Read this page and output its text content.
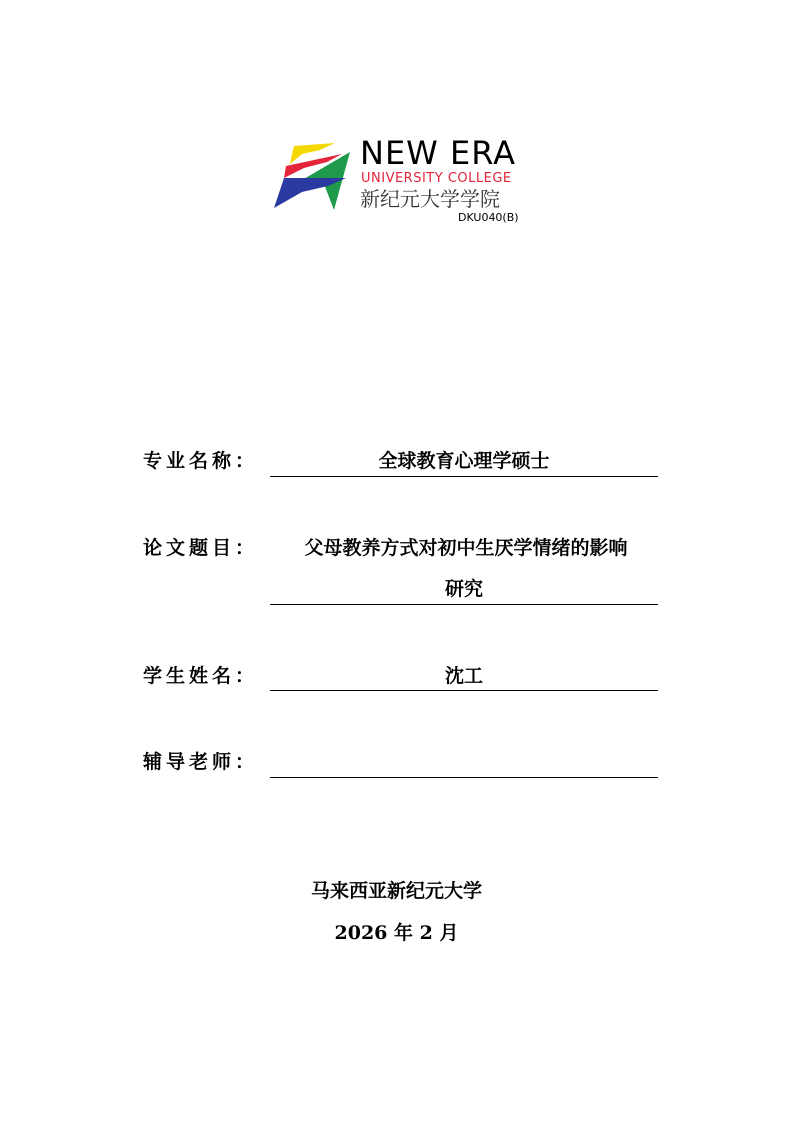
NEW ERA
UNIVERSITY COLLEGE
新纪元大学学院
DKU040(B)
专业名称：	全球教育心理学硕士
论文题目：	父母教养方式对初中生厌学情绪的影响
研究
学生姓名：	沈工
辅导老师：
马来西亚新纪元大学
2026 年 2 月
